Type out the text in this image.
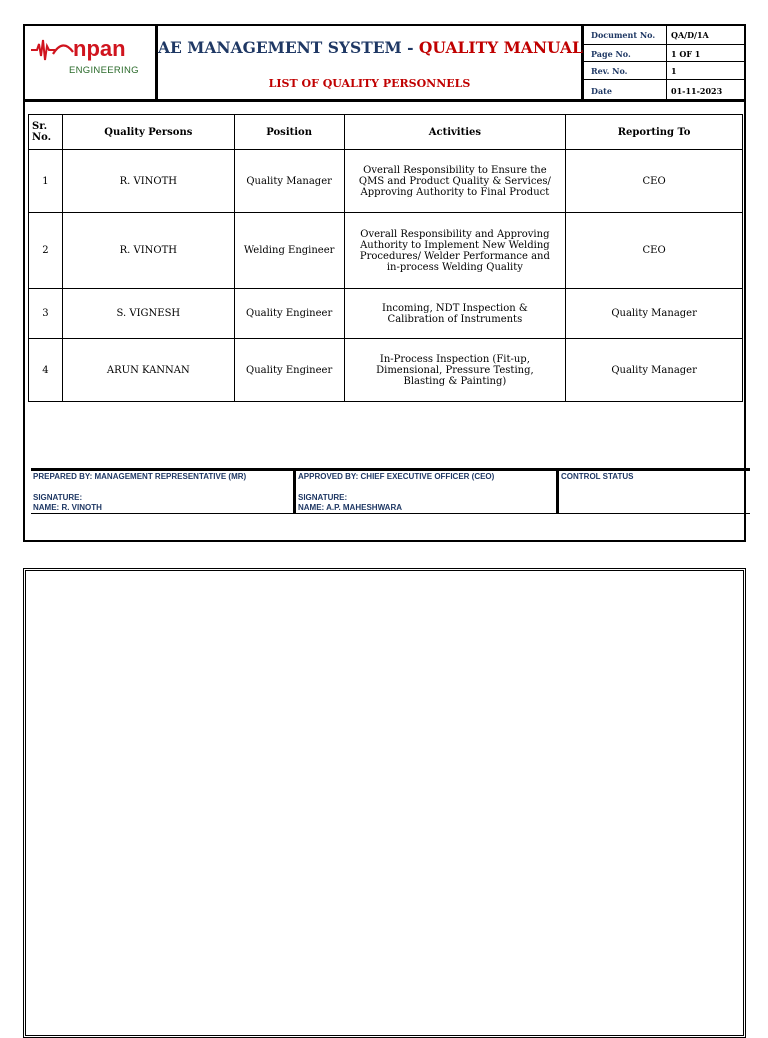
npan
ENGINEERING
AE MANAGEMENT SYSTEM - QUALITY MANUAL
LIST OF QUALITY PERSONNELS
Document No. QA/D/1A
Page No.	1 OF 1
Rev. No.	1
Date	01-11-2023
Sr.
No.	Quality Persons	Position	Activities	Reporting To
1	R. VINOTH	Quality Manager	Overall Responsibility to Ensure the
QMS and Product Quality & Services/
Approving Authority to Final Product	CEO
2	R. VINOTH	Welding Engineer	Overall Responsibility and Approving
Authority to Implement New Welding
Procedures/ Welder Performance and
in-process Welding Quality	CEO
3	S. VIGNESH	Quality Engineer	Incoming, NDT Inspection &
Calibration of Instruments	Quality Manager
4	ARUN KANNAN	Quality Engineer	In-Process Inspection (Fit-up,
Dimensional, Pressure Testing,
Blasting & Painting)	Quality Manager
PREPARED BY: MANAGEMENT REPRESENTATIVE (MR)
SIGNATURE:
NAME: R. VINOTH
APPROVED BY: CHIEF EXECUTIVE OFFICER (CEO)
SIGNATURE:
NAME: A.P. MAHESHWARA
CONTROL STATUS
